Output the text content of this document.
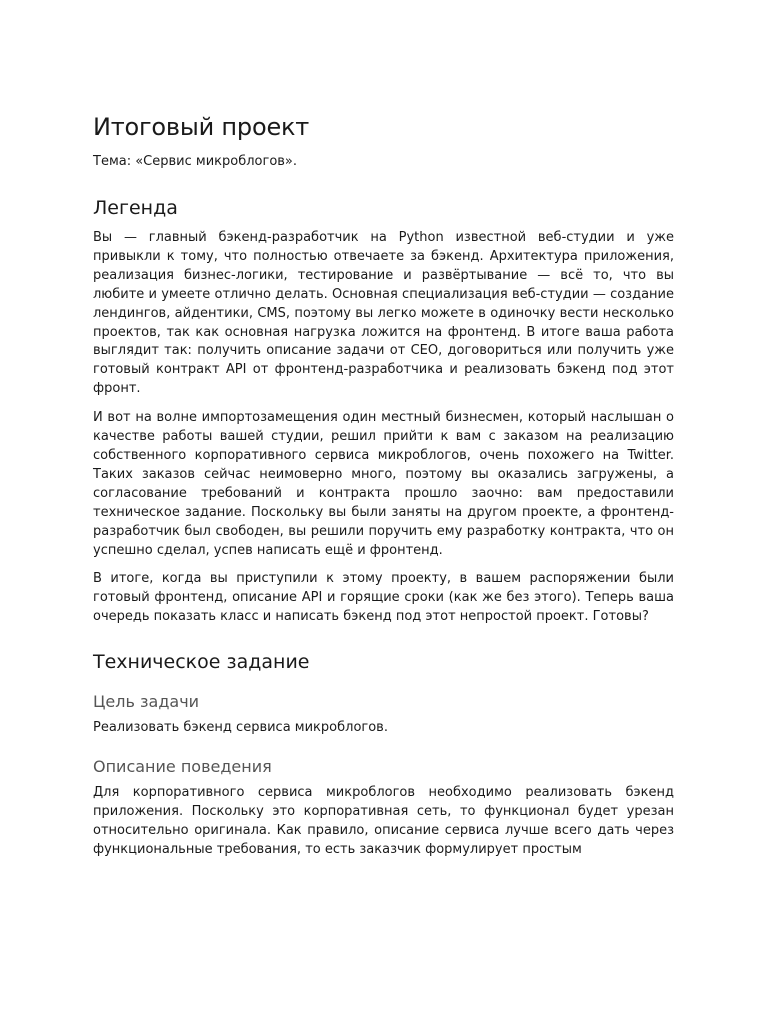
Итоговый проект
Тема: «Сервис микроблогов».
Легенда

Вы — главный бэкенд-разработчик на Python известной веб-студии и уже привыкли к тому, что полностью отвечаете за бэкенд. Архитектура приложения, реализация бизнес-логики, тестирование и развёртывание — всё то, что вы любите и умеете отлично делать. Основная специализация веб-студии — создание лендингов, айдентики, CMS, поэтому вы легко можете в одиночку вести несколько проектов, так как основная нагрузка ложится на фронтенд. В итоге ваша работа выглядит так: получить описание задачи от CEO, договориться или получить уже готовый контракт API от фронтенд-разработчика и реализовать бэкенд под этот фронт.

И вот на волне импортозамещения один местный бизнесмен, который наслышан о качестве работы вашей студии, решил прийти к вам с заказом на реализацию собственного корпоративного сервиса микроблогов, очень похожего на Twitter. Таких заказов сейчас неимоверно много, поэтому вы оказались загружены, а согласование требований и контракта прошло заочно: вам предоставили техническое задание. Поскольку вы были заняты на другом проекте, а фронтенд-разработчик был свободен, вы решили поручить ему разработку контракта, что он успешно сделал, успев написать ещё и фронтенд.

В итоге, когда вы приступили к этому проекту, в вашем распоряжении были готовый фронтенд, описание API и горящие сроки (как же без этого). Теперь ваша очередь показать класс и написать бэкенд под этот непростой проект. Готовы?

Техническое задание
Цель задачи

Реализовать бэкенд сервиса микроблогов.

Описание поведения

Для корпоративного сервиса микроблогов необходимо реализовать бэкенд приложения. Поскольку это корпоративная сеть, то функционал будет урезан относительно оригинала. Как правило, описание сервиса лучше всего дать через функциональные требования, то есть заказчик формулирует простым
